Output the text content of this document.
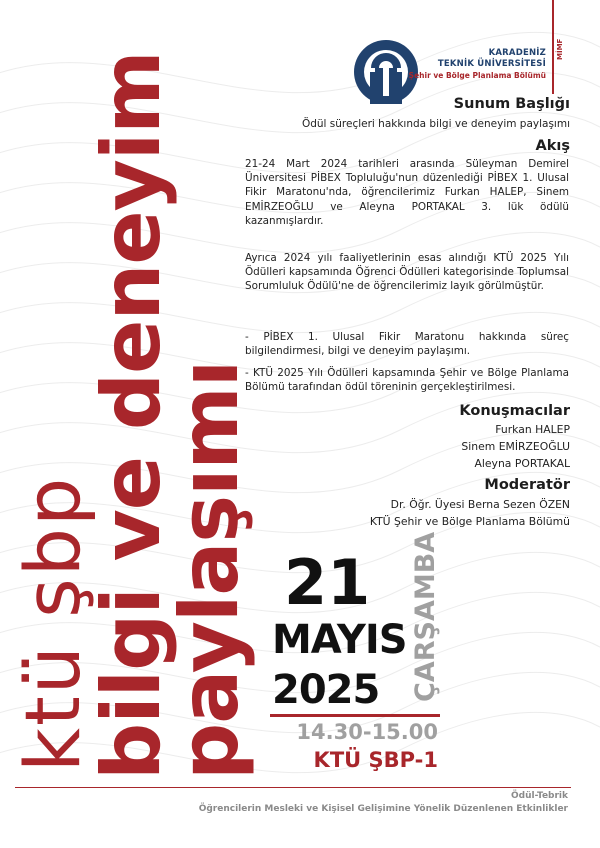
KARADENİZ
TEKNİK ÜNİVERSİTESİ
Şehir ve Bölge Planlama Bölümü
MİMF
Sunum Başlığı
Ödül süreçleri hakkında bilgi ve deneyim paylaşımı
Akış
21-24 Mart 2024 tarihleri arasında Süleyman Demirel Üniversitesi PİBEX Topluluğu'nun düzenlediği PİBEX 1. Ulusal Fikir Maratonu'nda, öğrencilerimiz Furkan HALEP, Sinem EMİRZEOĞLU ve Aleyna PORTAKAL 3. lük ödülü kazanmışlardır.
Ayrıca 2024 yılı faaliyetlerinin esas alındığı KTÜ 2025 Yılı Ödülleri kapsamında Öğrenci Ödülleri kategorisinde Toplumsal Sorumluluk Ödülü'ne de öğrencilerimiz layık görülmüştür.
- PİBEX 1. Ulusal Fikir Maratonu hakkında süreç bilgilendirmesi, bilgi ve deneyim paylaşımı.
- KTÜ 2025 Yılı Ödülleri kapsamında Şehir ve Bölge Planlama Bölümü tarafından ödül töreninin gerçekleştirilmesi.
Konuşmacılar
Furkan HALEP
Sinem EMİRZEOĞLU
Aleyna PORTAKAL
Moderatör
Dr. Öğr. Üyesi Berna Sezen ÖZEN
KTÜ Şehir ve Bölge Planlama Bölümü
ktü şbp
bilgi ve deneyim
paylaşımı 21
MAYIS
2025 ÇARŞAMBA
14.30-15.00
KTÜ ŞBP-1
Ödül-Tebrik
Öğrencilerin Mesleki ve Kişisel Gelişimine Yönelik Düzenlenen Etkinlikler
